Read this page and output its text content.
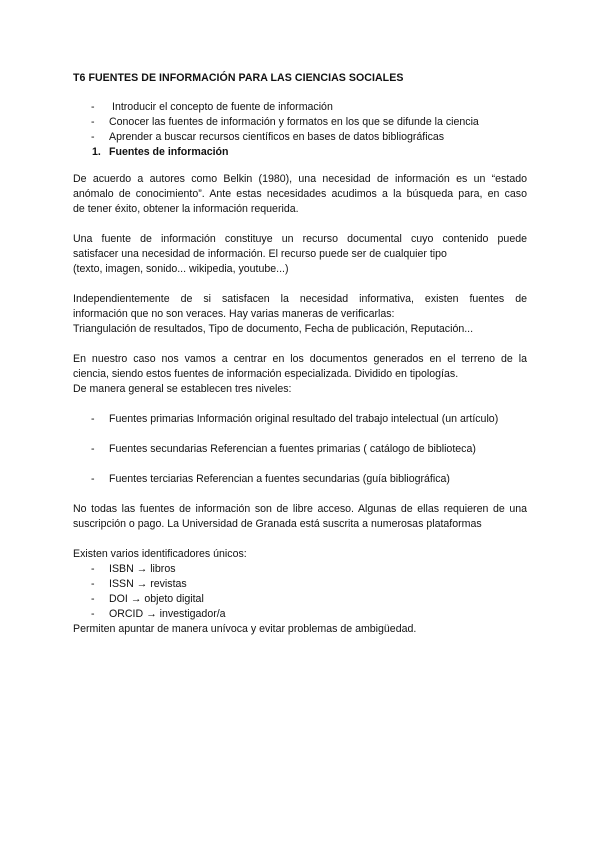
T6 FUENTES DE INFORMACIÓN PARA LAS CIENCIAS SOCIALES
- Introducir el concepto de fuente de información
- Conocer las fuentes de información y formatos en los que se difunde la ciencia
- Aprender a buscar recursos científicos en bases de datos bibliográficas
1. Fuentes de información

De acuerdo a autores como Belkin (1980), una necesidad de información es un “estado
anómalo de conocimiento”. Ante estas necesidades acudimos a la búsqueda para, en caso
de tener éxito, obtener la información requerida.

Una fuente de información constituye un recurso documental cuyo contenido puede
satisfacer una necesidad de información. El recurso puede ser de cualquier tipo
(texto, imagen, sonido... wikipedia, youtube...)

Independientemente de si satisfacen la necesidad informativa, existen fuentes de
información que no son veraces. Hay varias maneras de verificarlas:
Triangulación de resultados, Tipo de documento, Fecha de publicación, Reputación...

En nuestro caso nos vamos a centrar en los documentos generados en el terreno de la
ciencia, siendo estos fuentes de información especializada. Dividido en tipologías.
De manera general se establecen tres niveles:

- Fuentes primarias Información original resultado del trabajo intelectual (un artículo)
- Fuentes secundarias Referencian a fuentes primarias ( catálogo de biblioteca)
- Fuentes terciarias Referencian a fuentes secundarias (guía bibliográfica)

No todas las fuentes de información son de libre acceso. Algunas de ellas requieren de una
suscripción o pago. La Universidad de Granada está suscrita a numerosas plataformas

Existen varios identificadores únicos:
- ISBN → libros
- ISSN → revistas
- DOI → objeto digital
- ORCID → investigador/a

Permiten apuntar de manera unívoca y evitar problemas de ambigüedad.
